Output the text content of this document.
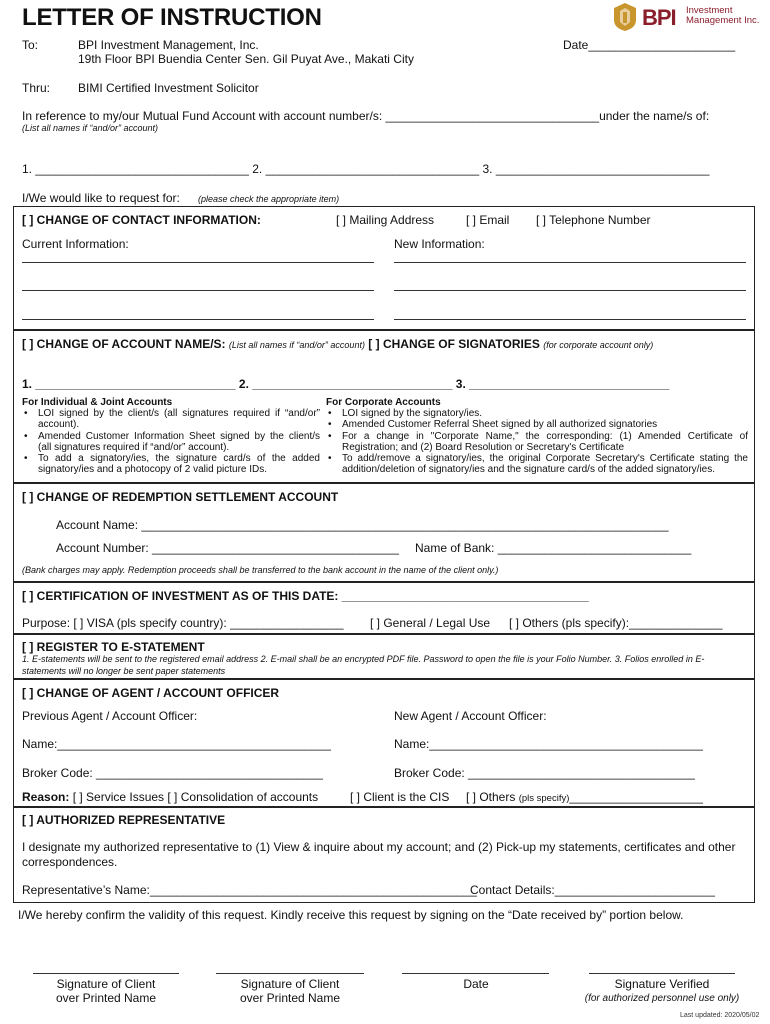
LETTER OF INSTRUCTION	BPI Investment
Management Inc.
To:	BPI Investment Management, Inc.
19th Floor BPI Buendia Center Sen. Gil Puyat Ave., Makati City
Date______________________
Thru: BIMI Certified Investment Solicitor
In reference to my/our Mutual Fund Account with account number/s: ________________________________under the name/s of:
(List all names if “and/or” account)
1. ________________________________ 2. ________________________________ 3. ________________________________
I/We would like to request for: (please check the appropriate item)
[ ] CHANGE OF CONTACT INFORMATION:	[ ] Mailing Address	[ ] Email [ ] Telephone Number
Current Information:	New Information:
[ ] CHANGE OF ACCOUNT NAME/S: (List all names if “and/or” account) [ ] CHANGE OF SIGNATORIES (for corporate account only)
1. ______________________________ 2. ______________________________ 3. ______________________________
For Individual & Joint Accounts
• LOI signed by the client/s (all signatures required if “and/or” account).
• Amended Customer Information Sheet signed by the client/s (all signatures required if “and/or” account).
• To add a signatory/ies, the signature card/s of the added signatory/ies and a photocopy of 2 valid picture IDs.
For Corporate Accounts
• LOI signed by the signatory/ies.
• Amended Customer Referral Sheet signed by all authorized signatories
• For a change in "Corporate Name," the corresponding: (1) Amended Certificate of Registration; and (2) Board Resolution or Secretary's Certificate
• To add/remove a signatory/ies, the original Corporate Secretary's Certificate stating the addition/deletion of signatory/ies and the signature card/s of the added signatory/ies.
[ ] CHANGE OF REDEMPTION SETTLEMENT ACCOUNT
Account Name: _______________________________________________________________________________
Account Number: _____________________________________ Name of Bank: _____________________________
(Bank charges may apply. Redemption proceeds shall be transferred to the bank account in the name of the client only.)
[ ] CERTIFICATION OF INVESTMENT AS OF THIS DATE: _____________________________________
Purpose: [ ] VISA (pls specify country): _________________ [ ] General / Legal Use [ ] Others (pls specify):______________
[ ] REGISTER TO E-STATEMENT
1. E-statements will be sent to the registered email address 2. E-mail shall be an encrypted PDF file. Password to open the file is your Folio Number. 3. Folios enrolled in E-statements will no longer be sent paper statements
[ ] CHANGE OF AGENT / ACCOUNT OFFICER
Previous Agent / Account Officer:	New Agent / Account Officer:
Name:_________________________________________	Name:_________________________________________
Broker Code: __________________________________	Broker Code: __________________________________
Reason: [ ] Service Issues [ ] Consolidation of accounts	[ ] Client is the CIS [ ] Others (pls specify)____________________
[ ] AUTHORIZED REPRESENTATIVE
I designate my authorized representative to (1) View & inquire about my account; and (2) Pick-up my statements, certificates and other correspondences.
Representative’s Name:_________________________________________________
Contact Details:________________________
I/We hereby confirm the validity of this request. Kindly receive this request by signing on the “Date received by” portion below.
Signature of Client
over Printed Name
Signature of Client
over Printed Name
Date	Signature Verified
(for authorized personnel use only)
Last updated: 2020/05/02
